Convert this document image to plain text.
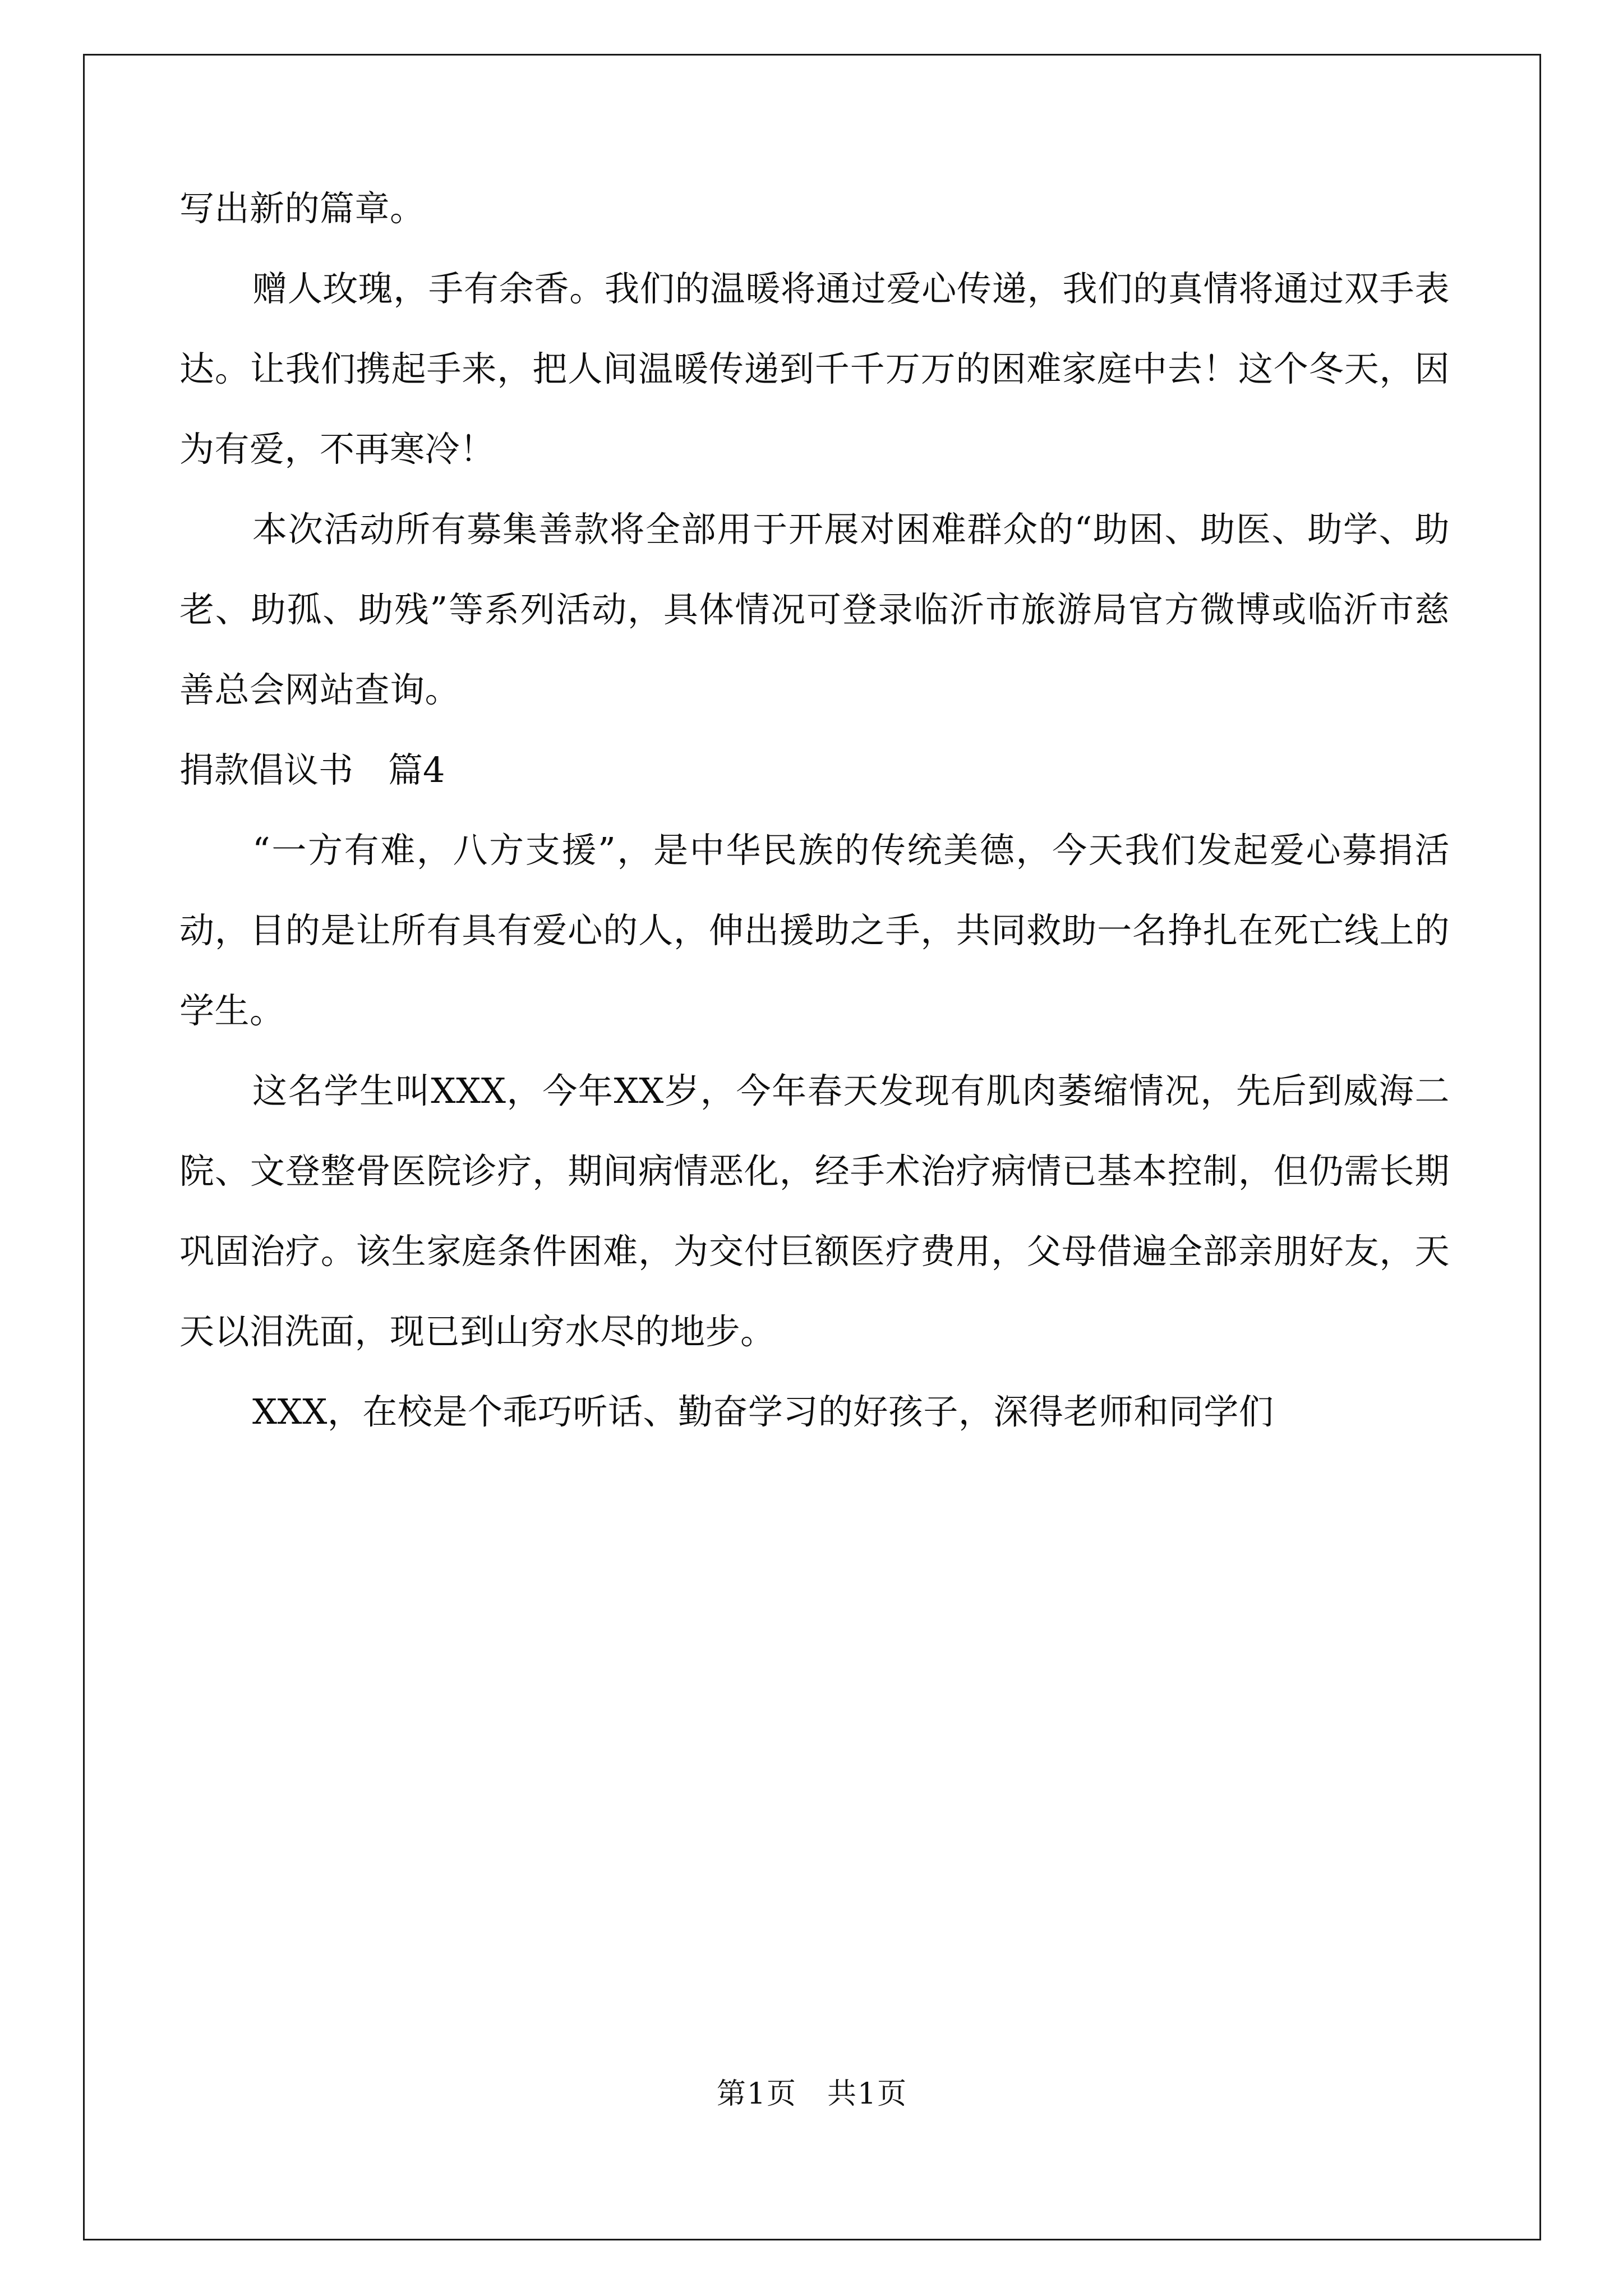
写出新的篇章。

赠人玫瑰，手有余香。我们的温暖将通过爱心传递，我们的真情将通过双手表达。让我们携起手来，把人间温暖传递到千千万万的困难家庭中去！这个冬天，因为有爱，不再寒冷！

本次活动所有募集善款将全部用于开展对困难群众的“助困、助医、助学、助老、助孤、助残”等系列活动，具体情况可登录临沂市旅游局官方微博或临沂市慈善总会网站查询。

捐款倡议书　篇4

“一方有难，八方支援”，是中华民族的传统美德，今天我们发起爱心募捐活动，目的是让所有具有爱心的人，伸出援助之手，共同救助一名挣扎在死亡线上的学生。

这名学生叫XXX，今年XX岁，今年春天发现有肌肉萎缩情况，先后到威海二院、文登整骨医院诊疗，期间病情恶化，经手术治疗病情已基本控制，但仍需长期巩固治疗。该生家庭条件困难，为交付巨额医疗费用，父母借遍全部亲朋好友，天天以泪洗面，现已到山穷水尽的地步。

XXX，在校是个乖巧听话、勤奋学习的好孩子，深得老师和同学们

第1页　共1页
